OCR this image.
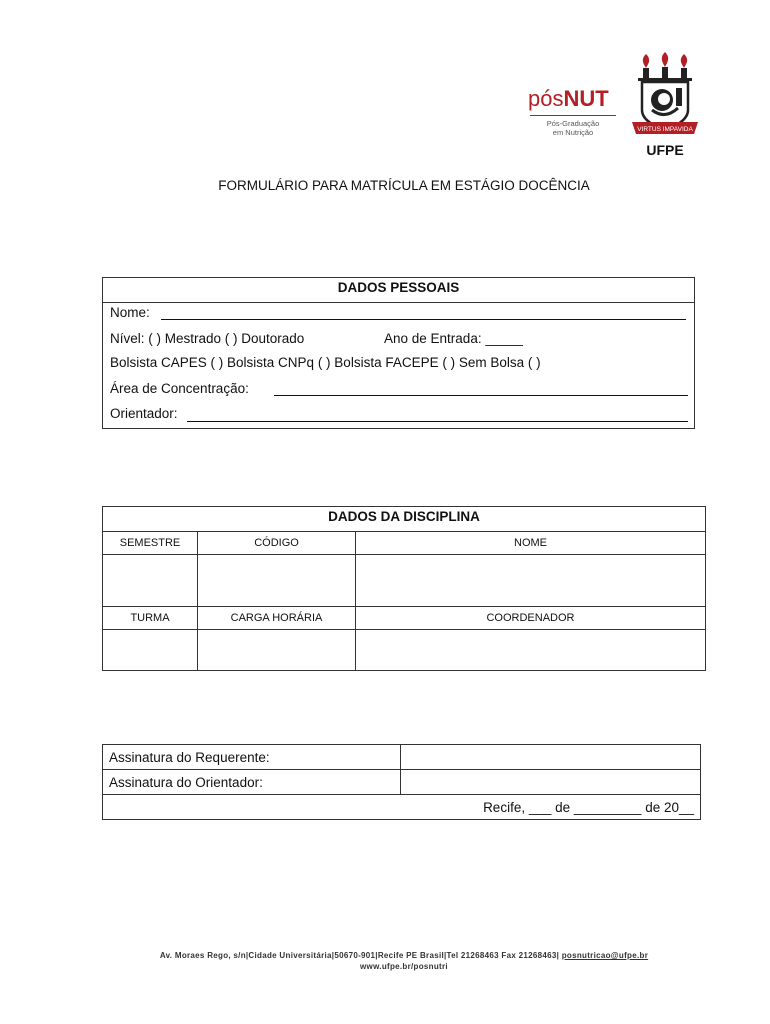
pósNUT
Pós-Graduação
em Nutrição	VIRTUS IMPAVIDA
UFPE
FORMULÁRIO PARA MATRÍCULA EM ESTÁGIO DOCÊNCIA
DADOS PESSOAIS
Nome:
Nível: ( ) Mestrado ( ) Doutorado	Ano de Entrada: _____
Bolsista CAPES ( ) Bolsista CNPq ( ) Bolsista FACEPE ( ) Sem Bolsa ( )
Área de Concentração:
Orientador:
DADOS DA DISCIPLINA		
SEMESTRE	CÓDIGO	NOME

TURMA	CARGA HORÁRIA	COORDENADOR

Assinatura do Requerente:	
Assinatura do Orientador:	
Recife, ___ de _________ de 20__	
Av. Moraes Rego, s/n|Cidade Universitária|50670-901|Recife PE Brasil|Tel 21268463 Fax 21268463| posnutricao@ufpe.br
www.ufpe.br/posnutri
